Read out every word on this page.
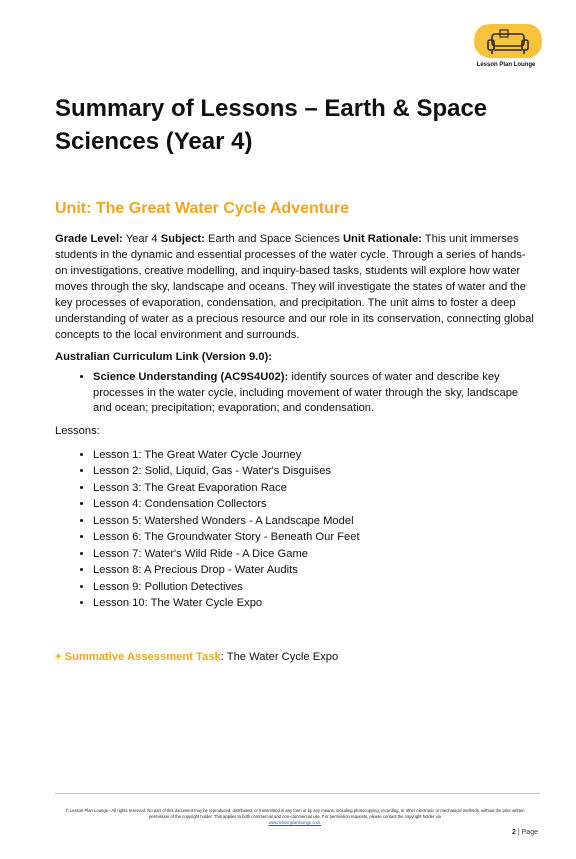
Lesson Plan Lounge
Summary of Lessons – Earth & Space Sciences (Year 4)
Unit: The Great Water Cycle Adventure

Grade Level: Year 4 Subject: Earth and Space Sciences Unit Rationale: This unit immerses students in the dynamic and essential processes of the water cycle. Through a series of hands-on investigations, creative modelling, and inquiry-based tasks, students will explore how water moves through the sky, landscape and oceans. They will investigate the states of water and the key processes of evaporation, condensation, and precipitation. The unit aims to foster a deep understanding of water as a precious resource and our role in its conservation, connecting global concepts to the local environment and surrounds.

Australian Curriculum Link (Version 9.0):

• Science Understanding (AC9S4U02): identify sources of water and describe key processes in the water cycle, including movement of water through the sky, landscape and ocean; precipitation; evaporation; and condensation.

Lessons:

• Lesson 1: The Great Water Cycle Journey
• Lesson 2: Solid, Liquid, Gas - Water's Disguises
• Lesson 3: The Great Evaporation Race
• Lesson 4: Condensation Collectors
• Lesson 5: Watershed Wonders - A Landscape Model
• Lesson 6: The Groundwater Story - Beneath Our Feet
• Lesson 7: Water's Wild Ride - A Dice Game
• Lesson 8: A Precious Drop - Water Audits
• Lesson 9: Pollution Detectives
• Lesson 10: The Water Cycle Expo
+ Summative Assessment Task: The Water Cycle Expo
© Lesson Plan Lounge - All rights reserved. No part of this document may be reproduced, distributed, or transmitted in any form or by any means, including photocopying, recording, or other electronic or mechanical methods, without the prior written permission of the copyright holder. This applies to both commercial and non-commercial use. For permission requests, please contact the copyright holder via
www.lessonplanlounge.com.
2 | Page
